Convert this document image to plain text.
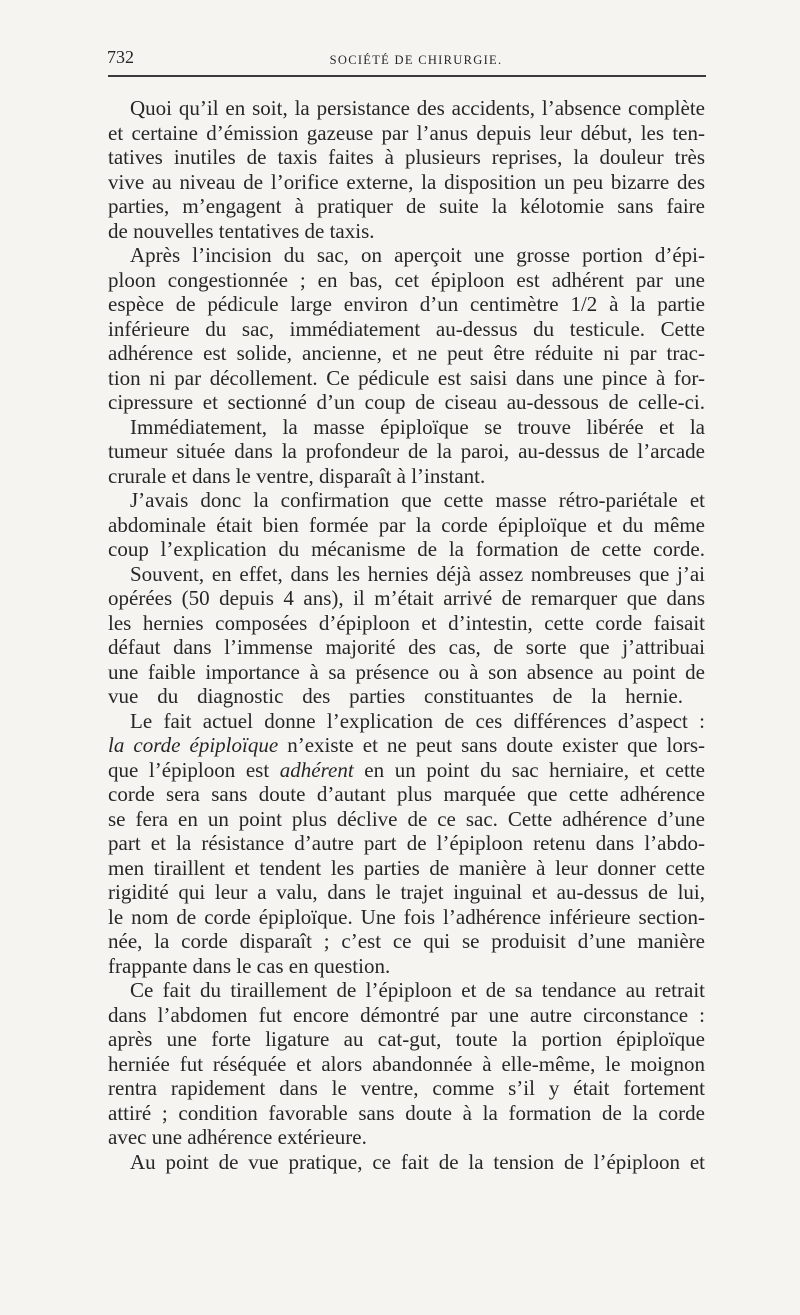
732	SOCIÉTÉ DE CHIRURGIE.
Quoi qu’il en soit, la persistance des accidents, l’absence complète
et certaine d’émission gazeuse par l’anus depuis leur début, les ten-
tatives inutiles de taxis faites à plusieurs reprises, la douleur très
vive au niveau de l’orifice externe, la disposition un peu bizarre des
parties, m’engagent à pratiquer de suite la kélotomie sans faire
de nouvelles tentatives de taxis.
Après l’incision du sac, on aperçoit une grosse portion d’épi-
ploon congestionnée ; en bas, cet épiploon est adhérent par une
espèce de pédicule large environ d’un centimètre 1/2 à la partie
inférieure du sac, immédiatement au-dessus du testicule. Cette
adhérence est solide, ancienne, et ne peut être réduite ni par trac-
tion ni par décollement. Ce pédicule est saisi dans une pince à for-
cipressure et sectionné d’un coup de ciseau au-dessous de celle-ci.
Immédiatement, la masse épiploïque se trouve libérée et la
tumeur située dans la profondeur de la paroi, au-dessus de l’arcade
crurale et dans le ventre, disparaît à l’instant.
J’avais donc la confirmation que cette masse rétro-pariétale et
abdominale était bien formée par la corde épiploïque et du même
coup l’explication du mécanisme de la formation de cette corde.
Souvent, en effet, dans les hernies déjà assez nombreuses que j’ai
opérées (50 depuis 4 ans), il m’était arrivé de remarquer que dans
les hernies composées d’épiploon et d’intestin, cette corde faisait
défaut dans l’immense majorité des cas, de sorte que j’attribuai
une faible importance à sa présence ou à son absence au point de
vue du diagnostic des parties constituantes de la hernie.
Le fait actuel donne l’explication de ces différences d’aspect :
la corde épiploïque n’existe et ne peut sans doute exister que lors-
que l’épiploon est adhérent en un point du sac herniaire, et cette
corde sera sans doute d’autant plus marquée que cette adhérence
se fera en un point plus déclive de ce sac. Cette adhérence d’une
part et la résistance d’autre part de l’épiploon retenu dans l’abdo-
men tiraillent et tendent les parties de manière à leur donner cette
rigidité qui leur a valu, dans le trajet inguinal et au-dessus de lui,
le nom de corde épiploïque. Une fois l’adhérence inférieure section-
née, la corde disparaît ; c’est ce qui se produisit d’une manière
frappante dans le cas en question.
Ce fait du tiraillement de l’épiploon et de sa tendance au retrait
dans l’abdomen fut encore démontré par une autre circonstance :
après une forte ligature au cat-gut, toute la portion épiploïque
herniée fut réséquée et alors abandonnée à elle-même, le moignon
rentra rapidement dans le ventre, comme s’il y était fortement
attiré ; condition favorable sans doute à la formation de la corde
avec une adhérence extérieure.
Au point de vue pratique, ce fait de la tension de l’épiploon et
